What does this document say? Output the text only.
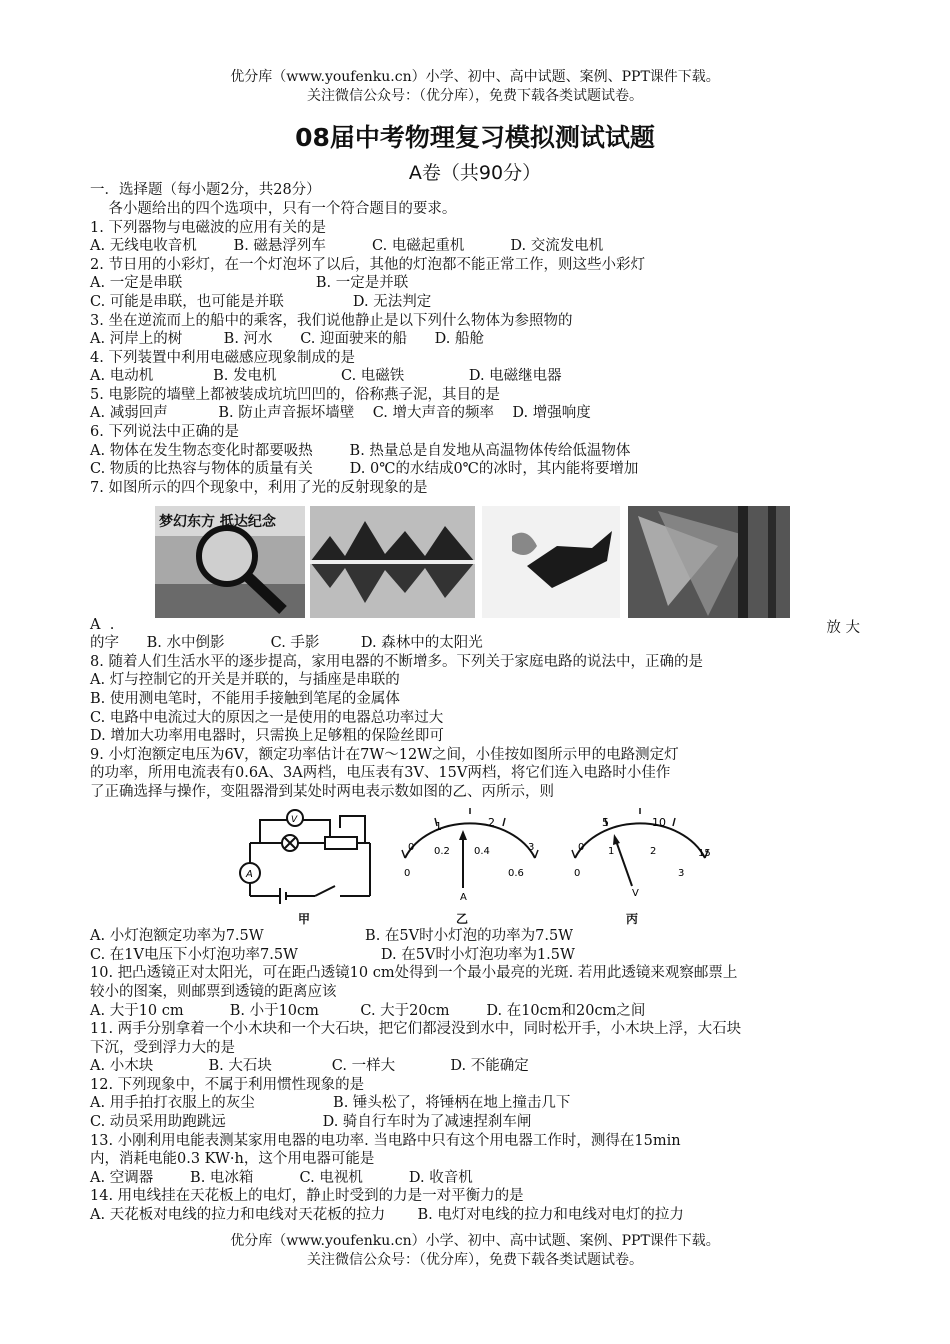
优分库（www.youfenku.cn）小学、初中、高中试题、案例、PPT课件下载。
关注微信公众号：（优分库），免费下载各类试题试卷。
08届中考物理复习模拟测试试题
A卷（共90分）
一．选择题（每小题2分，共28分）
各小题给出的四个选项中，只有一个符合题目的要求。
1. 下列器物与电磁波的应用有关的是
A. 无线电收音机        B. 磁悬浮列车          C. 电磁起重机          D. 交流发电机
2. 节日用的小彩灯，在一个灯泡坏了以后，其他的灯泡都不能正常工作，则这些小彩灯
A. 一定是串联                             B. 一定是并联
C. 可能是串联，也可能是并联               D. 无法判定
3. 坐在逆流而上的船中的乘客，我们说他静止是以下列什么物体为参照物的
A. 河岸上的树         B. 河水      C. 迎面驶来的船      D. 船舱
4. 下列装置中利用电磁感应现象制成的是
A. 电动机             B. 发电机              C. 电磁铁              D. 电磁继电器
5. 电影院的墙壁上都被装成坑坑凹凹的，俗称燕子泥，其目的是
A. 减弱回声           B. 防止声音振坏墙壁    C. 增大声音的频率    D. 增强响度
6. 下列说法中正确的是
A. 物体在发生物态变化时都要吸热        B. 热量总是自发地从高温物体传给低温物体
C. 物质的比热容与物体的质量有关        D. 0℃的水结成0℃的冰时，其内能将要增加
7. 如图所示的四个现象中，利用了光的反射现象的是
梦幻东方 抵达纪念
A  .	放 大
的字      B. 水中倒影          C. 手影         D. 森林中的太阳光
8. 随着人们生活水平的逐步提高，家用电器的不断增多。下列关于家庭电路的说法中，正确的是
A. 灯与控制它的开关是并联的，与插座是串联的
B. 使用测电笔时，不能用手接触到笔尾的金属体
C. 电路中电流过大的原因之一是使用的电器总功率过大
D. 增加大功率用电器时，只需换上足够粗的保险丝即可
9. 小灯泡额定电压为6V，额定功率估计在7W～12W之间，小佳按如图所示甲的电路测定灯
的功率，所用电流表有0.6A、3A两档，电压表有3V、15V两档，将它们连入电路时小佳作
了正确选择与操作，变阻器滑到某处时两电表示数如图的乙、丙所示，则
V
A
甲
1	2
0 0.2 0.4	3
0	0.6
A
乙
5	10
0 1	2	15
0	3
V
丙
A. 小灯泡额定功率为7.5W                      B. 在5V时小灯泡的功率为7.5W
C. 在1V电压下小灯泡功率7.5W                  D. 在5V时小灯泡功率为1.5W
10. 把凸透镜正对太阳光，可在距凸透镜10 cm处得到一个最小最亮的光斑. 若用此透镜来观察邮票上
较小的图案，则邮票到透镜的距离应该
A. 大于10 cm          B. 小于10cm         C. 大于20cm        D. 在10cm和20cm之间
11. 两手分别拿着一个小木块和一个大石块，把它们都浸没到水中，同时松开手，小木块上浮，大石块
下沉，受到浮力大的是
A. 小木块            B. 大石块             C. 一样大            D. 不能确定
12. 下列现象中，不属于利用惯性现象的是
A. 用手拍打衣服上的灰尘                 B. 锤头松了，将锤柄在地上撞击几下
C. 动员采用助跑跳远                     D. 骑自行车时为了减速捏刹车闸
13. 小刚利用电能表测某家用电器的电功率. 当电路中只有这个用电器工作时，测得在15min
内，消耗电能0.3 KW·h，这个用电器可能是
A. 空调器        B. 电冰箱          C. 电视机          D. 收音机
14. 用电线挂在天花板上的电灯，静止时受到的力是一对平衡力的是
A. 天花板对电线的拉力和电线对天花板的拉力       B. 电灯对电线的拉力和电线对电灯的拉力
优分库（www.youfenku.cn）小学、初中、高中试题、案例、PPT课件下载。
关注微信公众号：（优分库），免费下载各类试题试卷。
